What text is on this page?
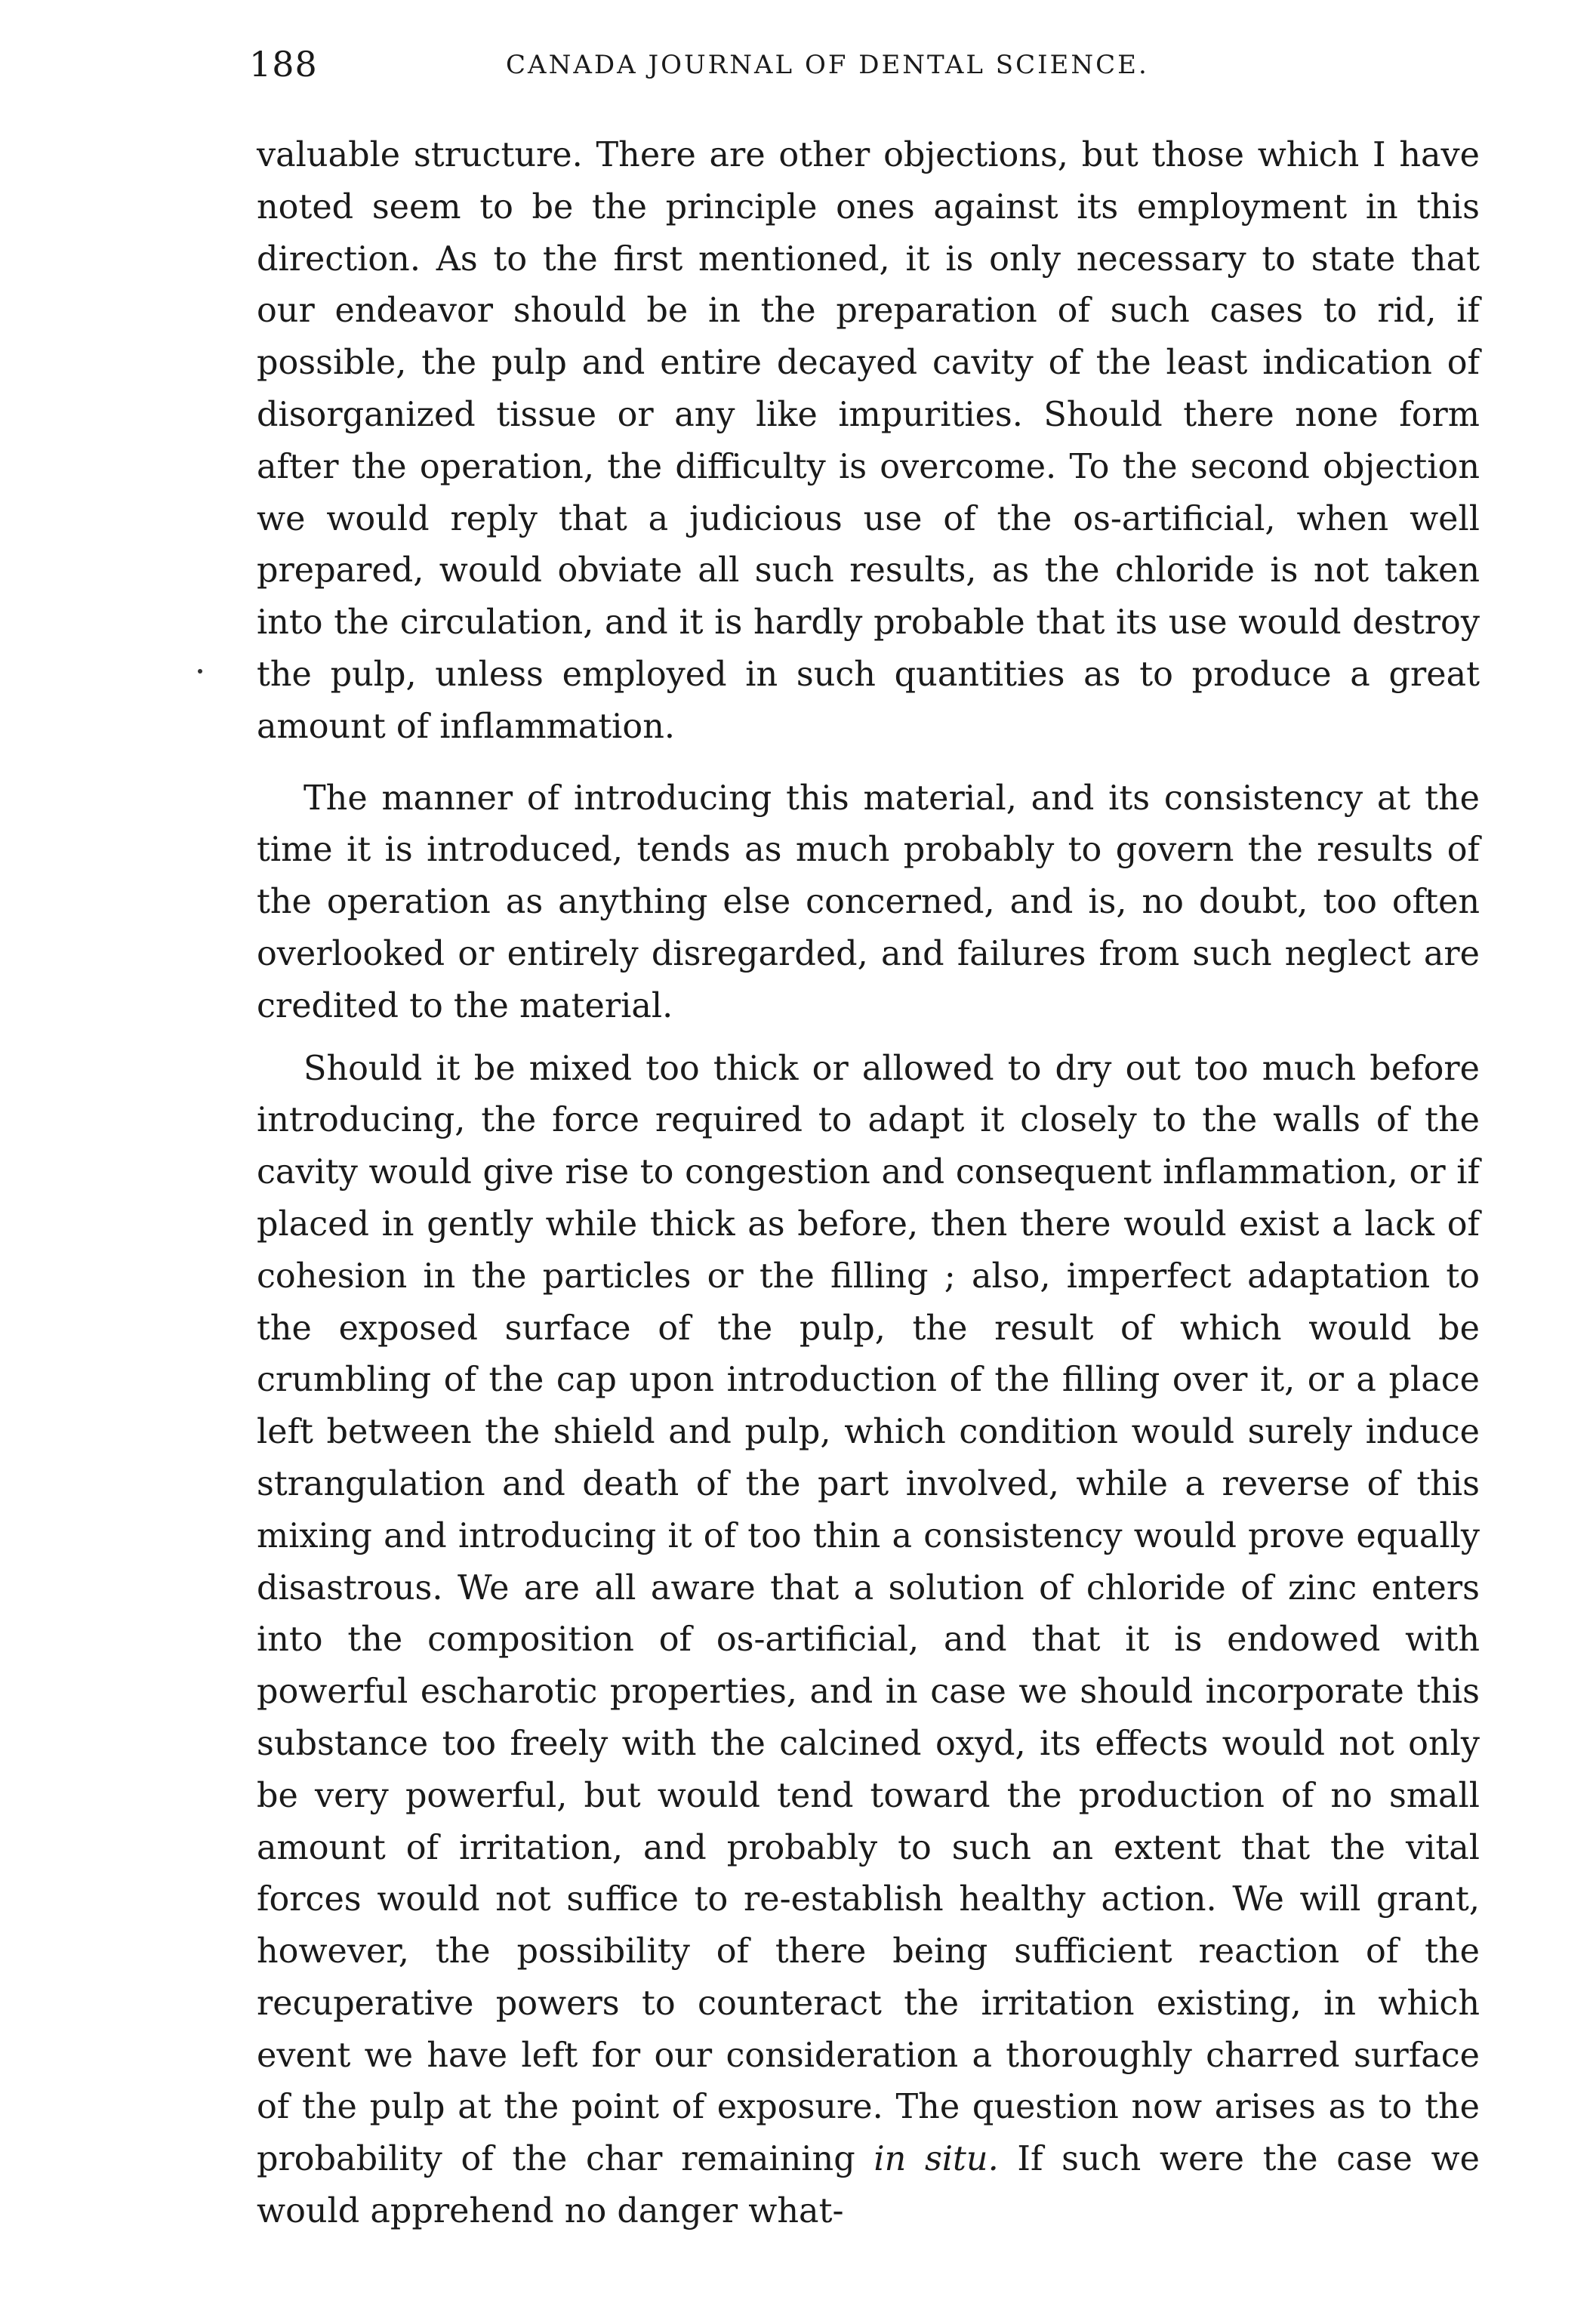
188	CANADA JOURNAL OF DENTAL SCIENCE.

valuable structure. There are other objections, but those which I have noted seem to be the principle ones against its employment in this direction. As to the first mentioned, it is only necessary to state that our endeavor should be in the preparation of such cases to rid, if possible, the pulp and entire decayed cavity of the least indication of disorganized tissue or any like impurities. Should there none form after the operation, the difficulty is overcome. To the second objection we would reply that a judicious use of the os-artificial, when well prepared, would obviate all such results, as the chloride is not taken into the circulation, and it is hardly probable that its use would destroy the pulp, unless employed in such quantities as to produce a great amount of inflammation.

The manner of introducing this material, and its consistency at the time it is introduced, tends as much probably to govern the results of the operation as anything else concerned, and is, no doubt, too often overlooked or entirely disregarded, and failures from such neglect are credited to the material.

Should it be mixed too thick or allowed to dry out too much before introducing, the force required to adapt it closely to the walls of the cavity would give rise to congestion and consequent inflammation, or if placed in gently while thick as before, then there would exist a lack of cohesion in the particles or the filling ; also, imperfect adaptation to the exposed surface of the pulp, the result of which would be crumbling of the cap upon introduction of the filling over it, or a place left between the shield and pulp, which condition would surely induce strangulation and death of the part involved, while a reverse of this mixing and introducing it of too thin a consistency would prove equally disastrous. We are all aware that a solution of chloride of zinc enters into the composition of os-artificial, and that it is endowed with powerful escharotic properties, and in case we should incorporate this substance too freely with the calcined oxyd, its effects would not only be very powerful, but would tend toward the production of no small amount of irritation, and probably to such an extent that the vital forces would not suffice to re-establish healthy action. We will grant, however, the possibility of there being sufficient reaction of the recuperative powers to counteract the irritation existing, in which event we have left for our consideration a thoroughly charred surface of the pulp at the point of exposure. The question now arises as to the probability of the char remaining in situ. If such were the case we would apprehend no danger what-
